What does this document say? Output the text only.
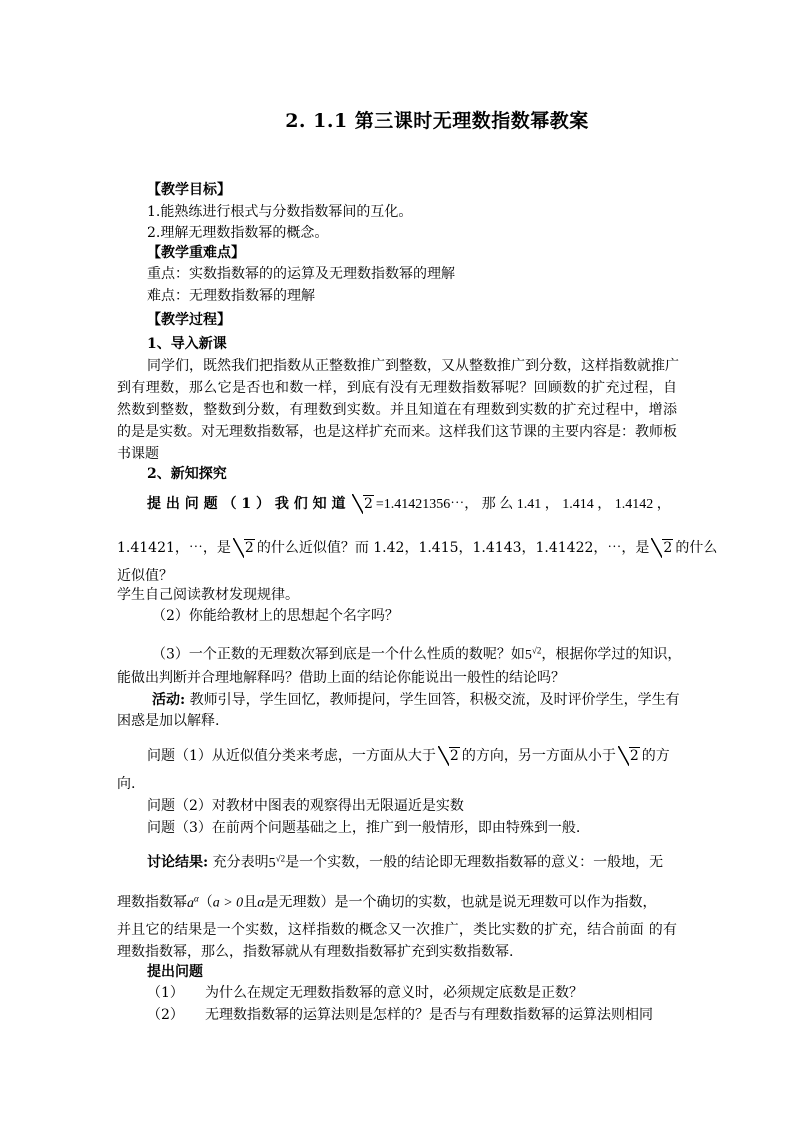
2. 1.1 第三课时无理数指数幂教案
【教学目标】
1.能熟练进行根式与分数指数幂间的互化。
2.理解无理数指数幂的概念。
【教学重难点】
重点：实数指数幂的的运算及无理数指数幂的理解
难点：无理数指数幂的理解
【教学过程】
1、导入新课
同学们，既然我们把指数从正整数推广到整数，又从整数推广到分数，这样指数就推广
到有理数，那么它是否也和数一样，到底有没有无理数指数幂呢？回顾数的扩充过程，自
然数到整数，整数到分数，有理数到实数。并且知道在有理数到实数的扩充过程中，增添
的是是实数。对无理数指数幂，也是这样扩充而来。这样我们这节课的主要内容是：教师板
书课题
2、新知探究
提 出 问 题 （ 1 ） 我 们 知 道 2 =1.41421356⋯， 那 么 1.41 ， 1.414 ， 1.4142 ，
1.41421，⋯，是 2 的什么近似值？而 1.42，1.415，1.4143，1.41422，⋯，是 2 的什么
近似值？
学生自己阅读教材发现规律。
（2）你能给教材上的思想起个名字吗？
（3）一个正数的无理数次幂到底是一个什么性质的数呢？如$5^{√2}$，根据你学过的知识，
能做出判断并合理地解释吗？借助上面的结论你能说出一般性的结论吗？
活动: 教师引导，学生回忆，教师提问，学生回答，积极交流，及时评价学生，学生有
困惑是加以解释.
问题（1）从近似值分类来考虑，一方面从大于 2 的方向，另一方面从小于 2 的方
向.
问题（2）对教材中图表的观察得出无限逼近是实数
问题（3）在前两个问题基础之上，推广到一般情形，即由特殊到一般.
讨论结果: 充分表明$5^{√2}$是一个实数，一般的结论即无理数指数幂的意义：一般地，无
理数指数幂$a^\alpha(a > 0$且α是无理数）是一个确切的实数，也就是说无理数可以作为指数，
并且它的结果是一个实数，这样指数的概念又一次推广，类比实数的扩充，结合前面 的有
理数指数幂，那么，指数幂就从有理数指数幂扩充到实数指数幂.
提出问题
（1） 为什么在规定无理数指数幂的意义时，必须规定底数是正数？
（2） 无理数指数幂的运算法则是怎样的？是否与有理数指数幂的运算法则相同
